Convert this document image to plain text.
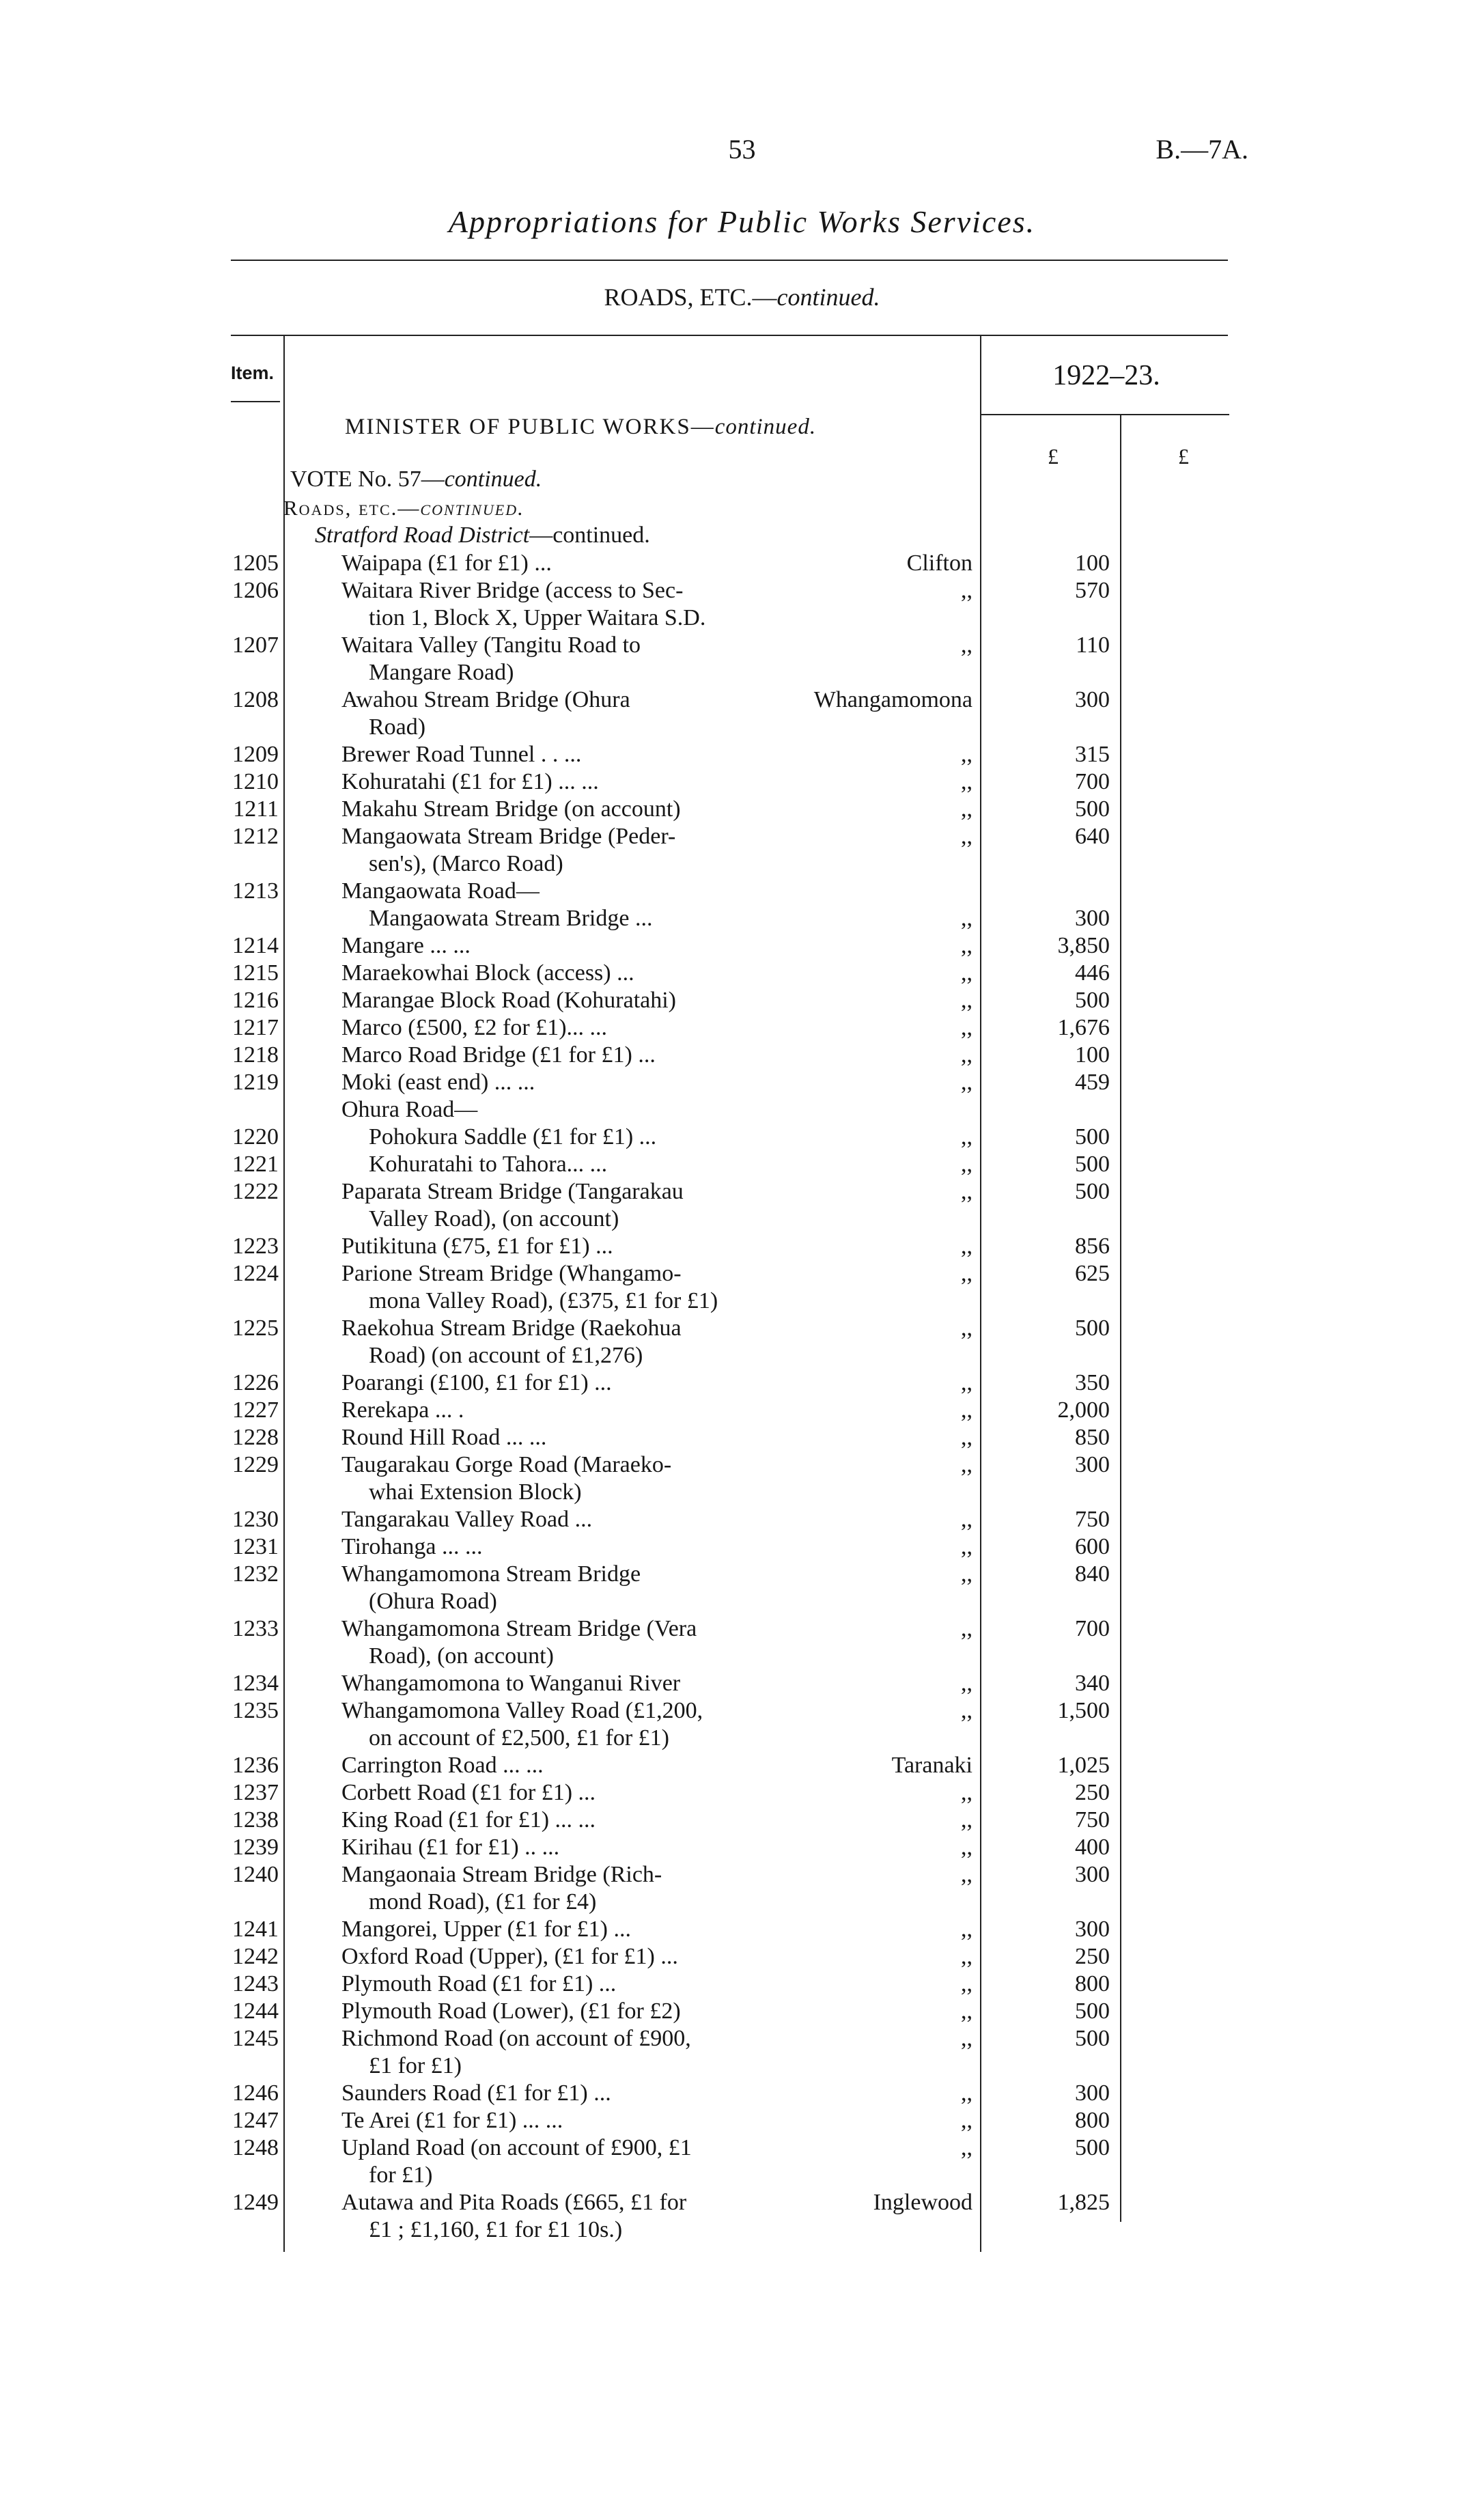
53	B.—7A.
Appropriations for Public Works Services.
ROADS, ETC.—continued.
Item.	1922–23.
£	£
MINISTER OF PUBLIC WORKS—continued.
VOTE No. 57—continued.
Roads, etc.—continued.
Stratford Road District—continued.
1205	Waipapa (£1 for £1) ...	Clifton	100
1206	Waitara River Bridge (access to Sec-	,,	570
tion 1, Block X, Upper Waitara S.D.
1207	Waitara Valley (Tangitu Road to	,,	110
Mangare Road)
1208	Awahou Stream Bridge (Ohura	Whangamomona	300
Road)
1209	Brewer Road Tunnel . . ...	,,	315
1210	Kohuratahi (£1 for £1) ... ...	,,	700
1211	Makahu Stream Bridge (on account)	,,	500
1212	Mangaowata Stream Bridge (Peder-	,,	640
sen's), (Marco Road)
1213	Mangaowata Road—
Mangaowata Stream Bridge ...	,,	300
1214	Mangare ... ...	,,	3,850
1215	Maraekowhai Block (access) ...	,,	446
1216	Marangae Block Road (Kohuratahi)	,,	500
1217	Marco (£500, £2 for £1)... ...	,,	1,676
1218	Marco Road Bridge (£1 for £1) ...	,,	100
1219	Moki (east end) ... ...	,,	459
Ohura Road—
1220	Pohokura Saddle (£1 for £1) ...	,,	500
1221	Kohuratahi to Tahora... ...	,,	500
1222	Paparata Stream Bridge (Tangarakau	,,	500
Valley Road), (on account)
1223	Putikituna (£75, £1 for £1) ...	,,	856
1224	Parione Stream Bridge (Whangamo-	,,	625
mona Valley Road), (£375, £1 for £1)
1225	Raekohua Stream Bridge (Raekohua	,,	500
Road) (on account of £1,276)
1226	Poarangi (£100, £1 for £1) ...	,,	350
1227	Rerekapa ... .	,,	2,000
1228	Round Hill Road ... ...	,,	850
1229	Taugarakau Gorge Road (Maraeko-	,,	300
whai Extension Block)
1230	Tangarakau Valley Road ...	,,	750
1231	Tirohanga ... ...	,,	600
1232	Whangamomona Stream Bridge	,,	840
(Ohura Road)
1233	Whangamomona Stream Bridge (Vera	,,	700
Road), (on account)
1234	Whangamomona to Wanganui River	,,	340
1235	Whangamomona Valley Road (£1,200,	,,	1,500
on account of £2,500, £1 for £1)
1236	Carrington Road ... ...	Taranaki	1,025
1237	Corbett Road (£1 for £1) ...	,,	250
1238	King Road (£1 for £1) ... ...	,,	750
1239	Kirihau (£1 for £1) .. ...	,,	400
1240	Mangaonaia Stream Bridge (Rich-	,,	300
mond Road), (£1 for £4)
1241	Mangorei, Upper (£1 for £1) ...	,,	300
1242	Oxford Road (Upper), (£1 for £1) ...	,,	250
1243	Plymouth Road (£1 for £1) ...	,,	800
1244	Plymouth Road (Lower), (£1 for £2)	,,	500
1245	Richmond Road (on account of £900,	,,	500
£1 for £1)
1246	Saunders Road (£1 for £1) ...	,,	300
1247	Te Arei (£1 for £1) ... ...	,,	800
1248	Upland Road (on account of £900, £1	,,	500
for £1)
1249	Autawa and Pita Roads (£665, £1 for	Inglewood	1,825
£1 ; £1,160, £1 for £1 10s.)
